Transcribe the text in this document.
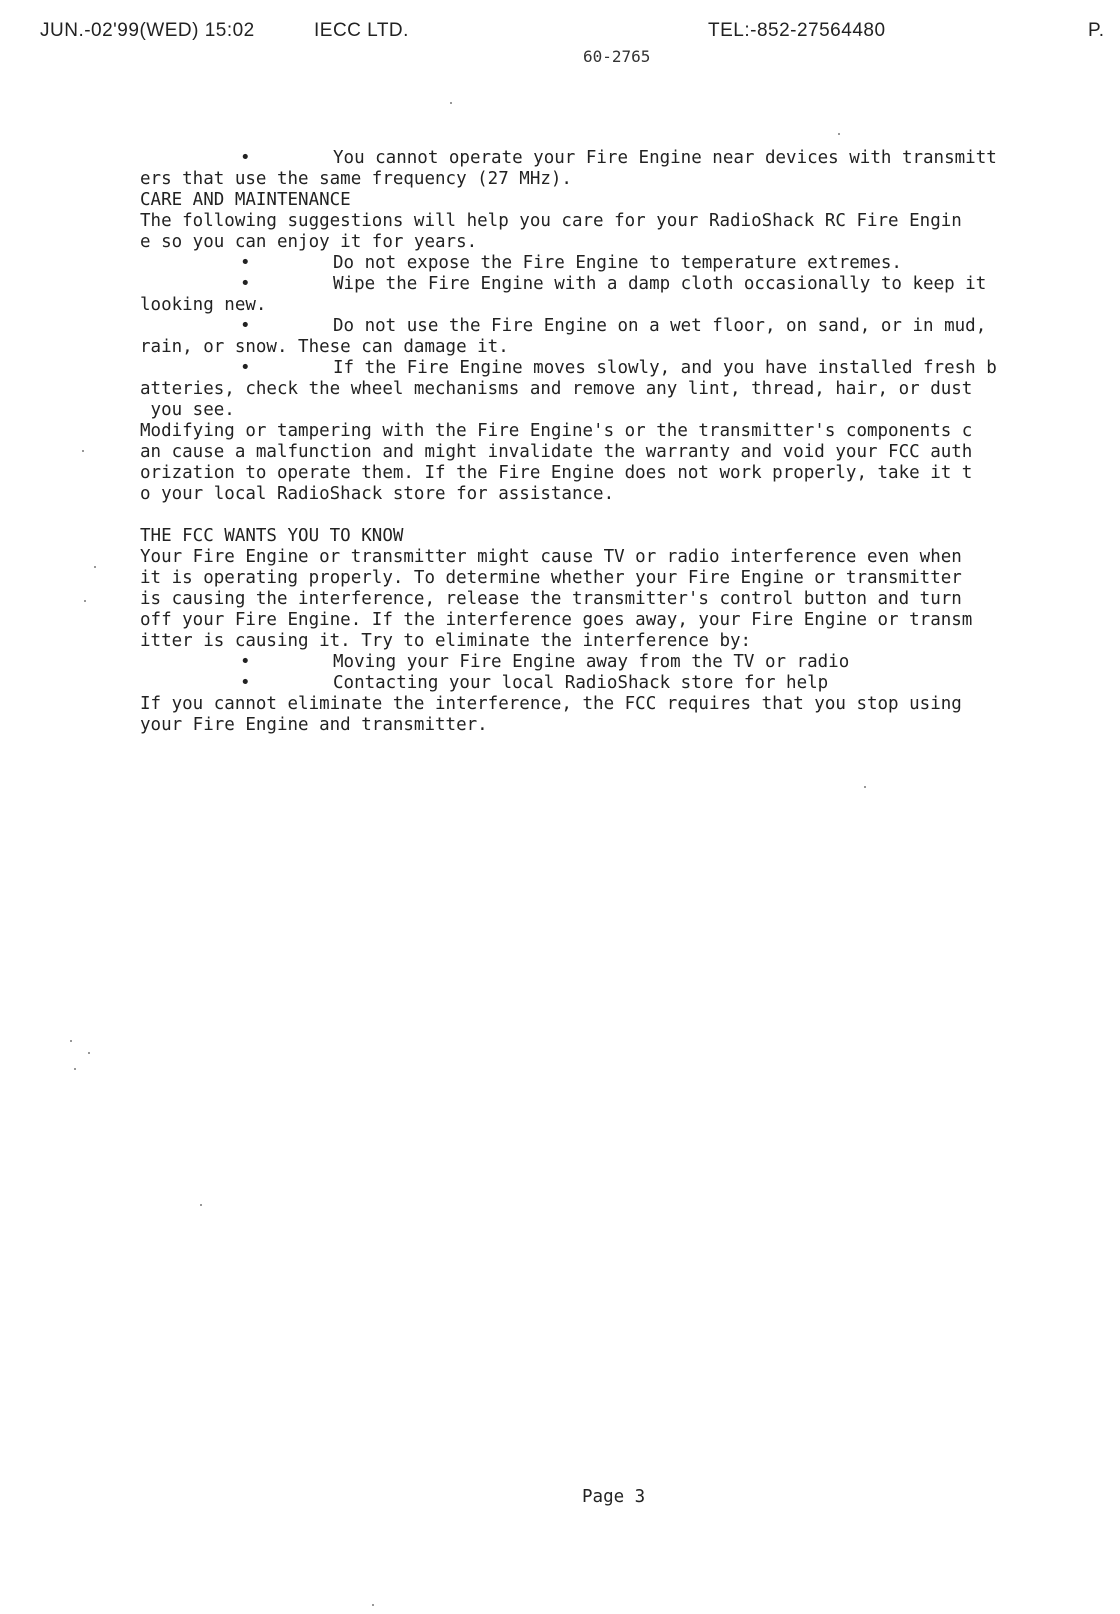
JUN.-02'99(WED) 15:02	IECC LTD.	TEL:-852-27564480	P.
60-2765

•	You cannot operate your Fire Engine near devices with transmitt

ers that use the same frequency (27 MHz).

CARE AND MAINTENANCE

The following suggestions will help you care for your RadioShack RC Fire Engin

e so you can enjoy it for years.

•	Do not expose the Fire Engine to temperature extremes.

•	Wipe the Fire Engine with a damp cloth occasionally to keep it

looking new.

•	Do not use the Fire Engine on a wet floor, on sand, or in mud,

rain, or snow. These can damage it.

•	If the Fire Engine moves slowly, and you have installed fresh b

atteries, check the wheel mechanisms and remove any lint, thread, hair, or dust

you see.

Modifying or tampering with the Fire Engine's or the transmitter's components c

an cause a malfunction and might invalidate the warranty and void your FCC auth

orization to operate them. If the Fire Engine does not work properly, take it t

o your local RadioShack store for assistance.

THE FCC WANTS YOU TO KNOW

Your Fire Engine or transmitter might cause TV or radio interference even when

it is operating properly. To determine whether your Fire Engine or transmitter

is causing the interference, release the transmitter's control button and turn

off your Fire Engine. If the interference goes away, your Fire Engine or transm

itter is causing it. Try to eliminate the interference by:

•	Moving your Fire Engine away from the TV or radio

•	Contacting your local RadioShack store for help

If you cannot eliminate the interference, the FCC requires that you stop using

your Fire Engine and transmitter.

Page 3
